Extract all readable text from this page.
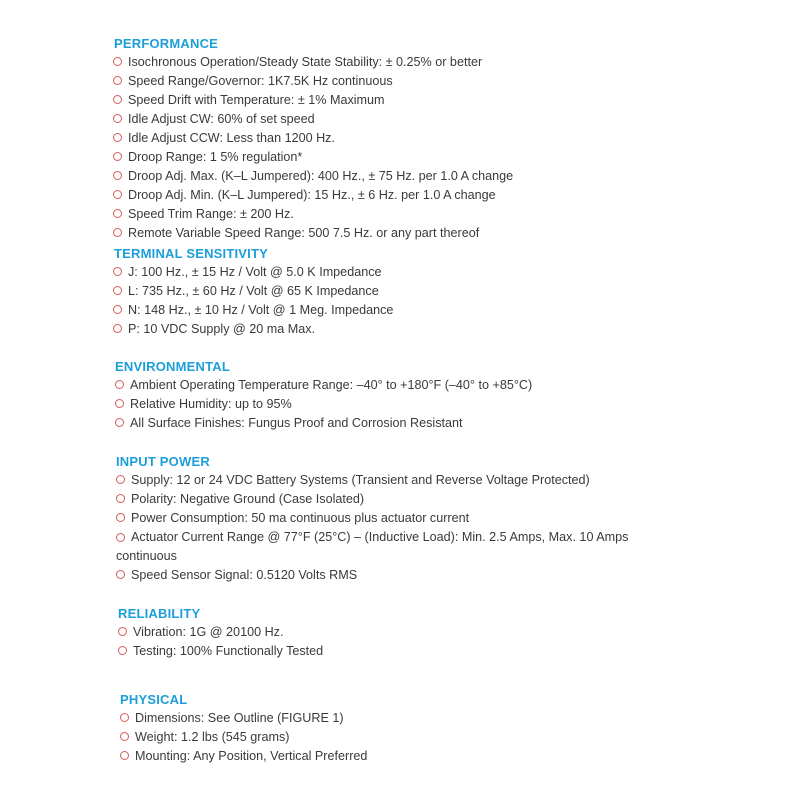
PERFORMANCE
Isochronous Operation/Steady State Stability: ± 0.25% or better
Speed Range/Governor: 1K7.5K Hz continuous
Speed Drift with Temperature: ± 1% Maximum
Idle Adjust CW: 60% of set speed
Idle Adjust CCW: Less than 1200 Hz.
Droop Range: 1 5% regulation*
Droop Adj. Max. (K–L Jumpered): 400 Hz., ± 75 Hz. per 1.0 A change
Droop Adj. Min. (K–L Jumpered): 15 Hz., ± 6 Hz. per 1.0 A change
Speed Trim Range: ± 200 Hz.
Remote Variable Speed Range: 500 7.5 Hz. or any part thereof
TERMINAL SENSITIVITY
J: 100 Hz., ± 15 Hz / Volt @ 5.0 K Impedance
L: 735 Hz., ± 60 Hz / Volt @ 65 K Impedance
N: 148 Hz., ± 10 Hz / Volt @ 1 Meg. Impedance
P: 10 VDC Supply @ 20 ma Max.
ENVIRONMENTAL
Ambient Operating Temperature Range: –40° to +180°F (–40° to +85°C)
Relative Humidity: up to 95%
All Surface Finishes: Fungus Proof and Corrosion Resistant
INPUT POWER
Supply: 12 or 24 VDC Battery Systems (Transient and Reverse Voltage Protected)
Polarity: Negative Ground (Case Isolated)
Power Consumption: 50 ma continuous plus actuator current
Actuator Current Range @ 77°F (25°C) – (Inductive Load): Min. 2.5 Amps, Max. 10 Amps continuous
Speed Sensor Signal: 0.5120 Volts RMS
RELIABILITY
Vibration: 1G @ 20100 Hz.
Testing: 100% Functionally Tested
PHYSICAL
Dimensions: See Outline (FIGURE 1)
Weight: 1.2 lbs (545 grams)
Mounting: Any Position, Vertical Preferred
